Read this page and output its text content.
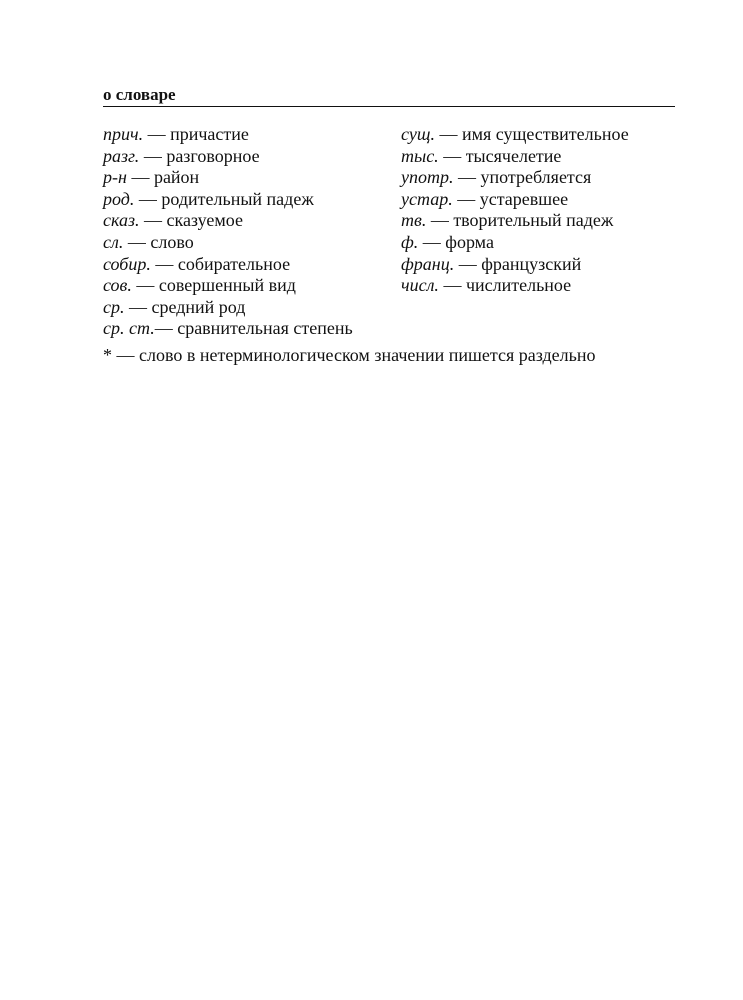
о словаре
прич. — причастие
разг. — разговорное
р-н — район
род. — родительный падеж
сказ. — сказуемое
сл. — слово
собир. — собирательное
сов. — совершенный вид
ср. — средний род
ср. ст.— сравнительная степень
сущ. — имя существительное
тыс. — тысячелетие
употр. — употребляется
устар. — устаревшее
тв. — творительный падеж
ф. — форма
франц. — французский
числ. — числительное
* — слово в нетерминологическом значении пишется раздельно
